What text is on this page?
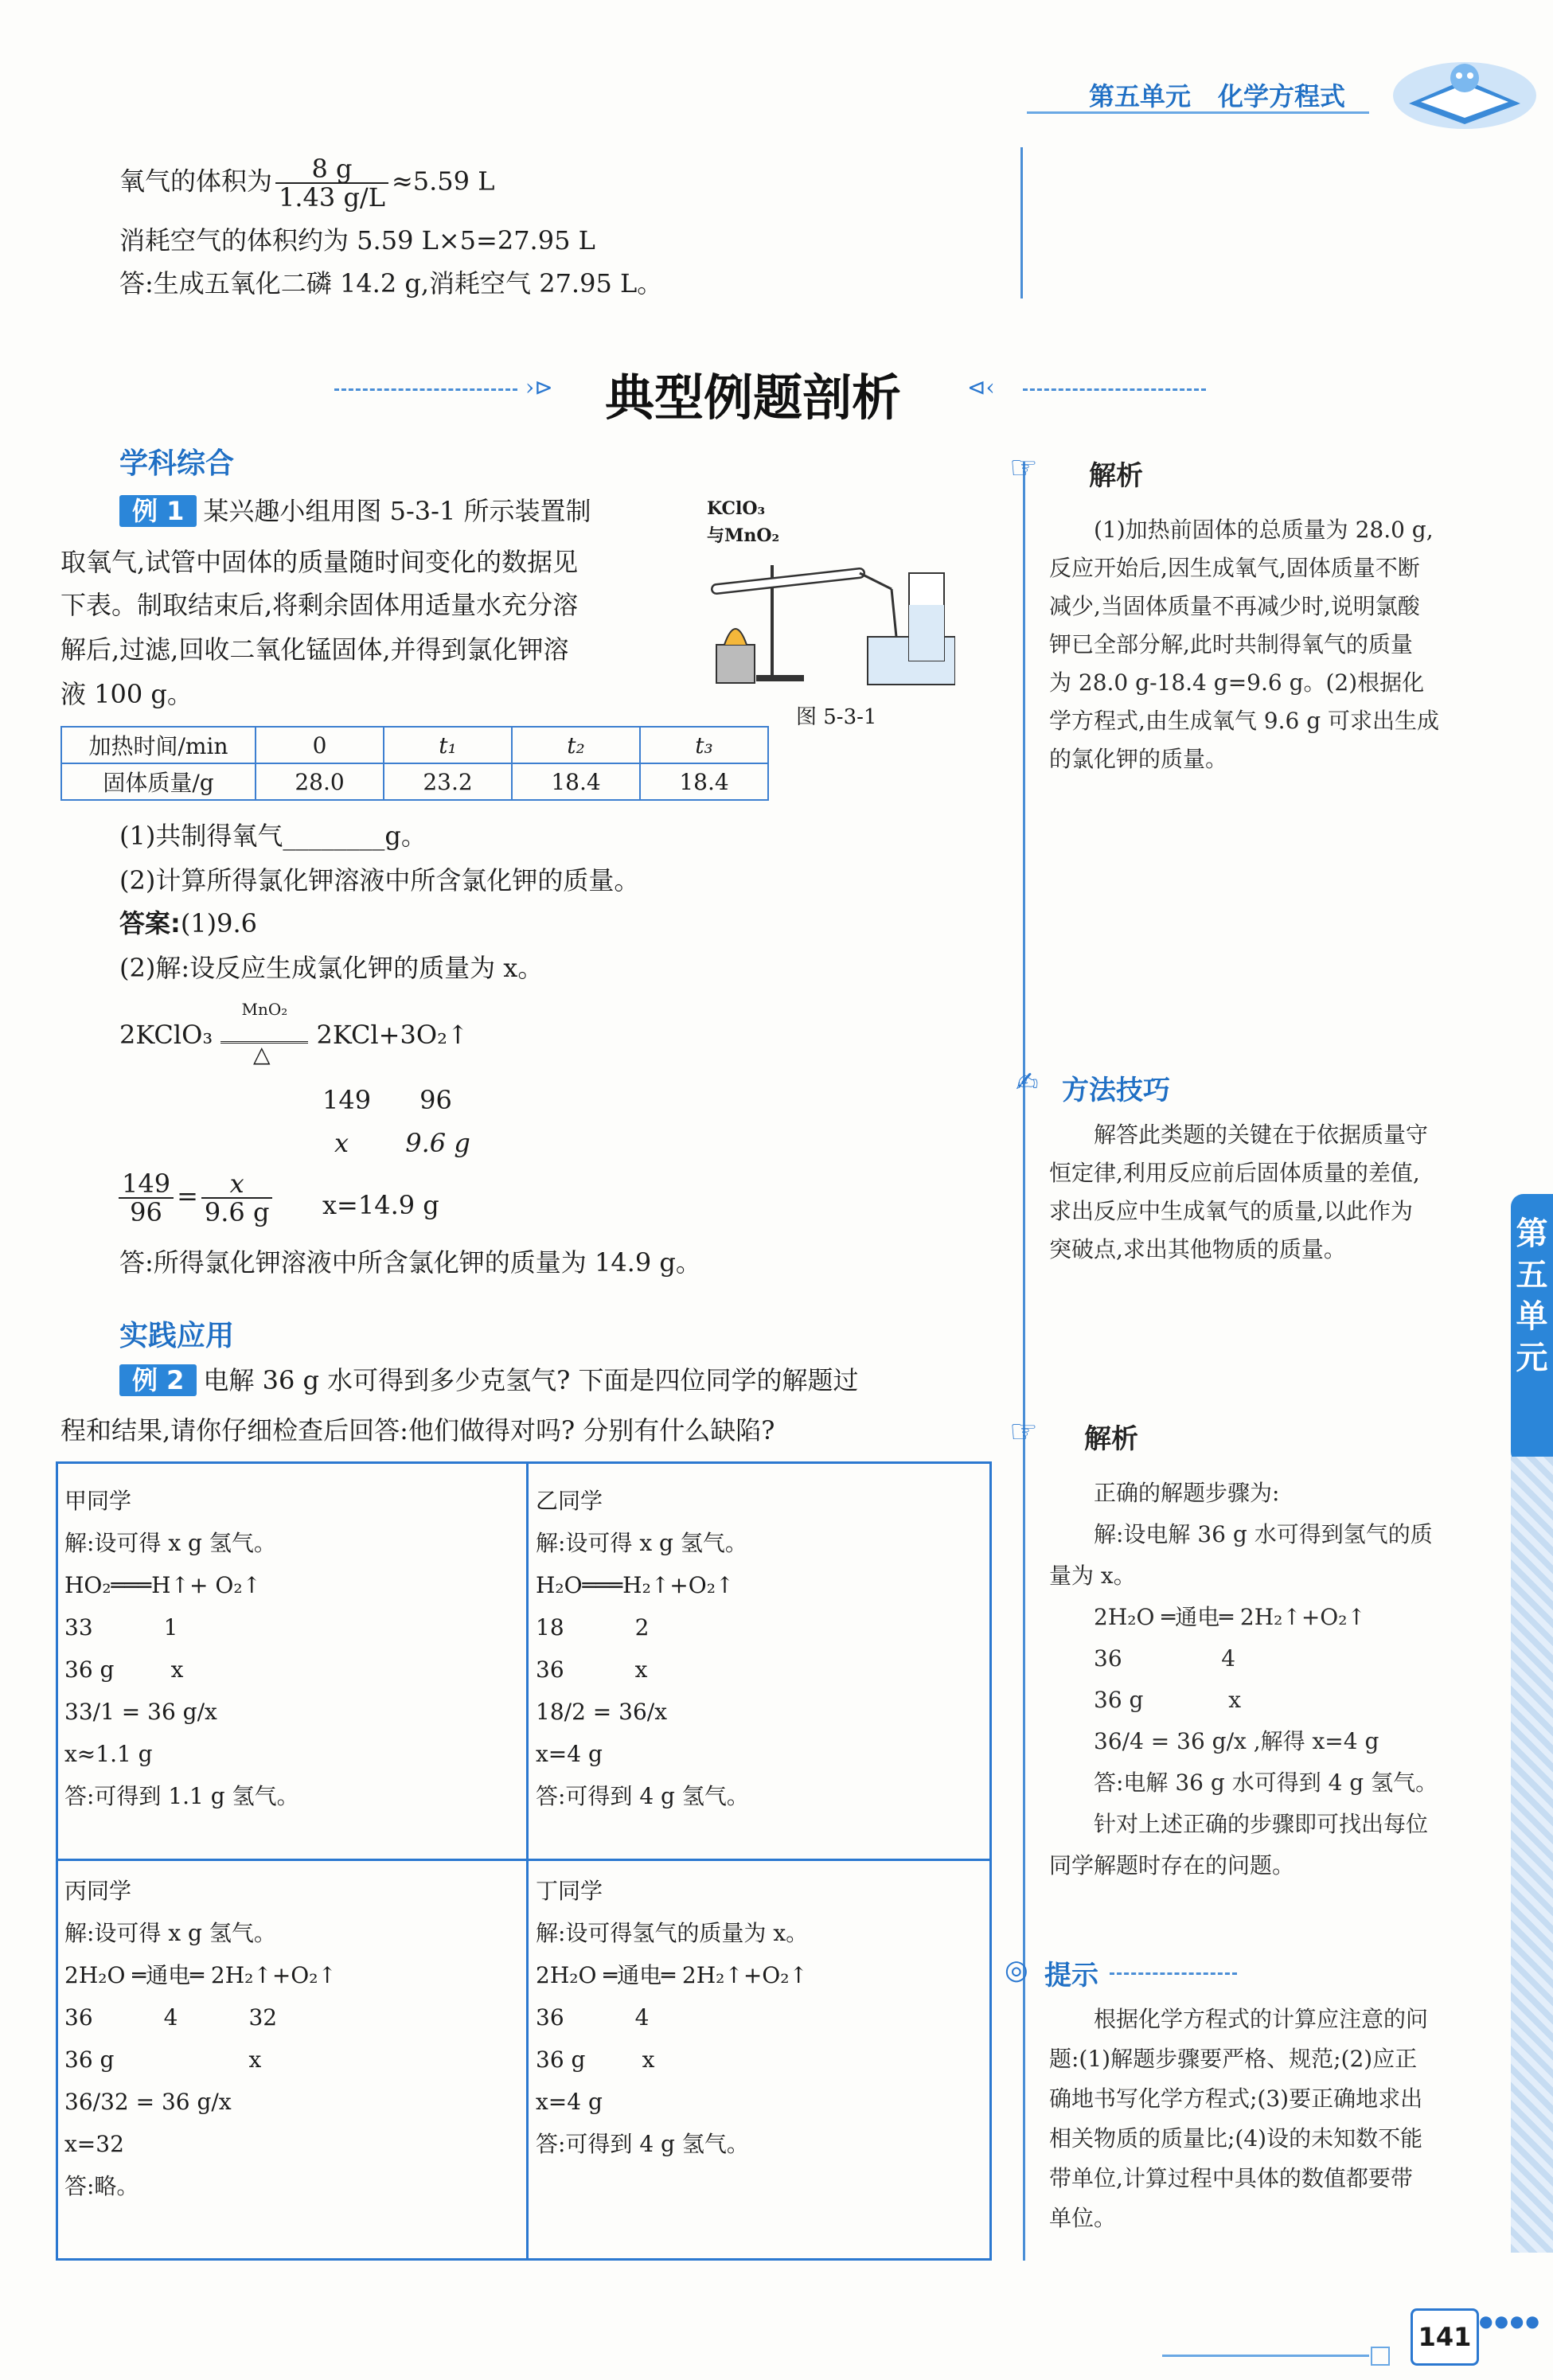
第五单元 化学方程式
氧气的体积为 $\frac{8 g}{1.43 g/L} \approx 5.59$ L
消耗空气的体积约为 5.59 L×5=27.95 L
答:生成五氧化二磷 14.2 g,消耗空气 27.95 L。
›⊳ 典型例题剖析	⊲‹
学科综合
例 1 某兴趣小组用图 5-3-1 所示装置制
取氧气,试管中固体的质量随时间变化的数据见
下表。制取结束后,将剩余固体用适量水充分溶
解后,过滤,回收二氧化锰固体,并得到氯化钾溶
液 100 g。
KClO₃
与MnO₂
图 5-3-1
加热时间/min	0	t₁	t₂	t₃
固体质量/g	28.0	23.2	18.4	18.4
(1)共制得氧气________g。
(2)计算所得氯化钾溶液中所含氯化钾的质量。
答案:(1)9.6
(2)解:设反应生成氯化钾的质量为 x。
2KClO₃
MnO₂
2KCl+3O₂↑
△
149      96
x       9.6 g
$\frac{149}{96} = \frac{x}{9.6 g} x=14.9$ g
答:所得氯化钾溶液中所含氯化钾的质量为 14.9 g。
实践应用
例 2 电解 36 g 水可得到多少克氢气? 下面是四位同学的解题过
程和结果,请你仔细检查后回答:他们做得对吗? 分别有什么缺陷?
甲同学
解:设可得 x g 氢气。
HO₂═══H↑+ O₂↑
33          1
36 g        x
33/1 = 36 g/x
x≈1.1 g
答:可得到 1.1 g 氢气。
乙同学
解:设可得 x g 氢气。
H₂O═══H₂↑+O₂↑
18          2
36          x
18/2 = 36/x
x=4 g
答:可得到 4 g 氢气。
丙同学
解:设可得 x g 氢气。
2H₂O ═通电═ 2H₂↑+O₂↑
36          4          32
36 g                   x
36/32 = 36 g/x
x=32
答:略。
丁同学
解:设可得氢气的质量为 x。
2H₂O ═通电═ 2H₂↑+O₂↑
36          4
36 g        x
x=4 g
答:可得到 4 g 氢气。
☞ 解析
(1)加热前固体的总质量为 28.0 g,
反应开始后,因生成氧气,固体质量不断
减少,当固体质量不再减少时,说明氯酸
钾已全部分解,此时共制得氧气的质量
为 28.0 g-18.4 g=9.6 g。(2)根据化
学方程式,由生成氧气 9.6 g 可求出生成
的氯化钾的质量。
✍ 方法技巧
解答此类题的关键在于依据质量守
恒定律,利用反应前后固体质量的差值,
求出反应中生成氧气的质量,以此作为
突破点,求出其他物质的质量。
☞ 解析
正确的解题步骤为:
解:设电解 36 g 水可得到氢气的质
量为 x。
2H₂O ═通电═ 2H₂↑+O₂↑
36              4
36 g            x
36/4 = 36 g/x ,解得 x=4 g
答:电解 36 g 水可得到 4 g 氢气。
针对上述正确的步骤即可找出每位
同学解题时存在的问题。
◎ 提示
根据化学方程式的计算应注意的问
题:(1)解题步骤要严格、规范;(2)应正
确地书写化学方程式;(3)要正确地求出
相关物质的质量比;(4)设的未知数不能
带单位,计算过程中具体的数值都要带
单位。
第
五
单
元
141
●●●●
